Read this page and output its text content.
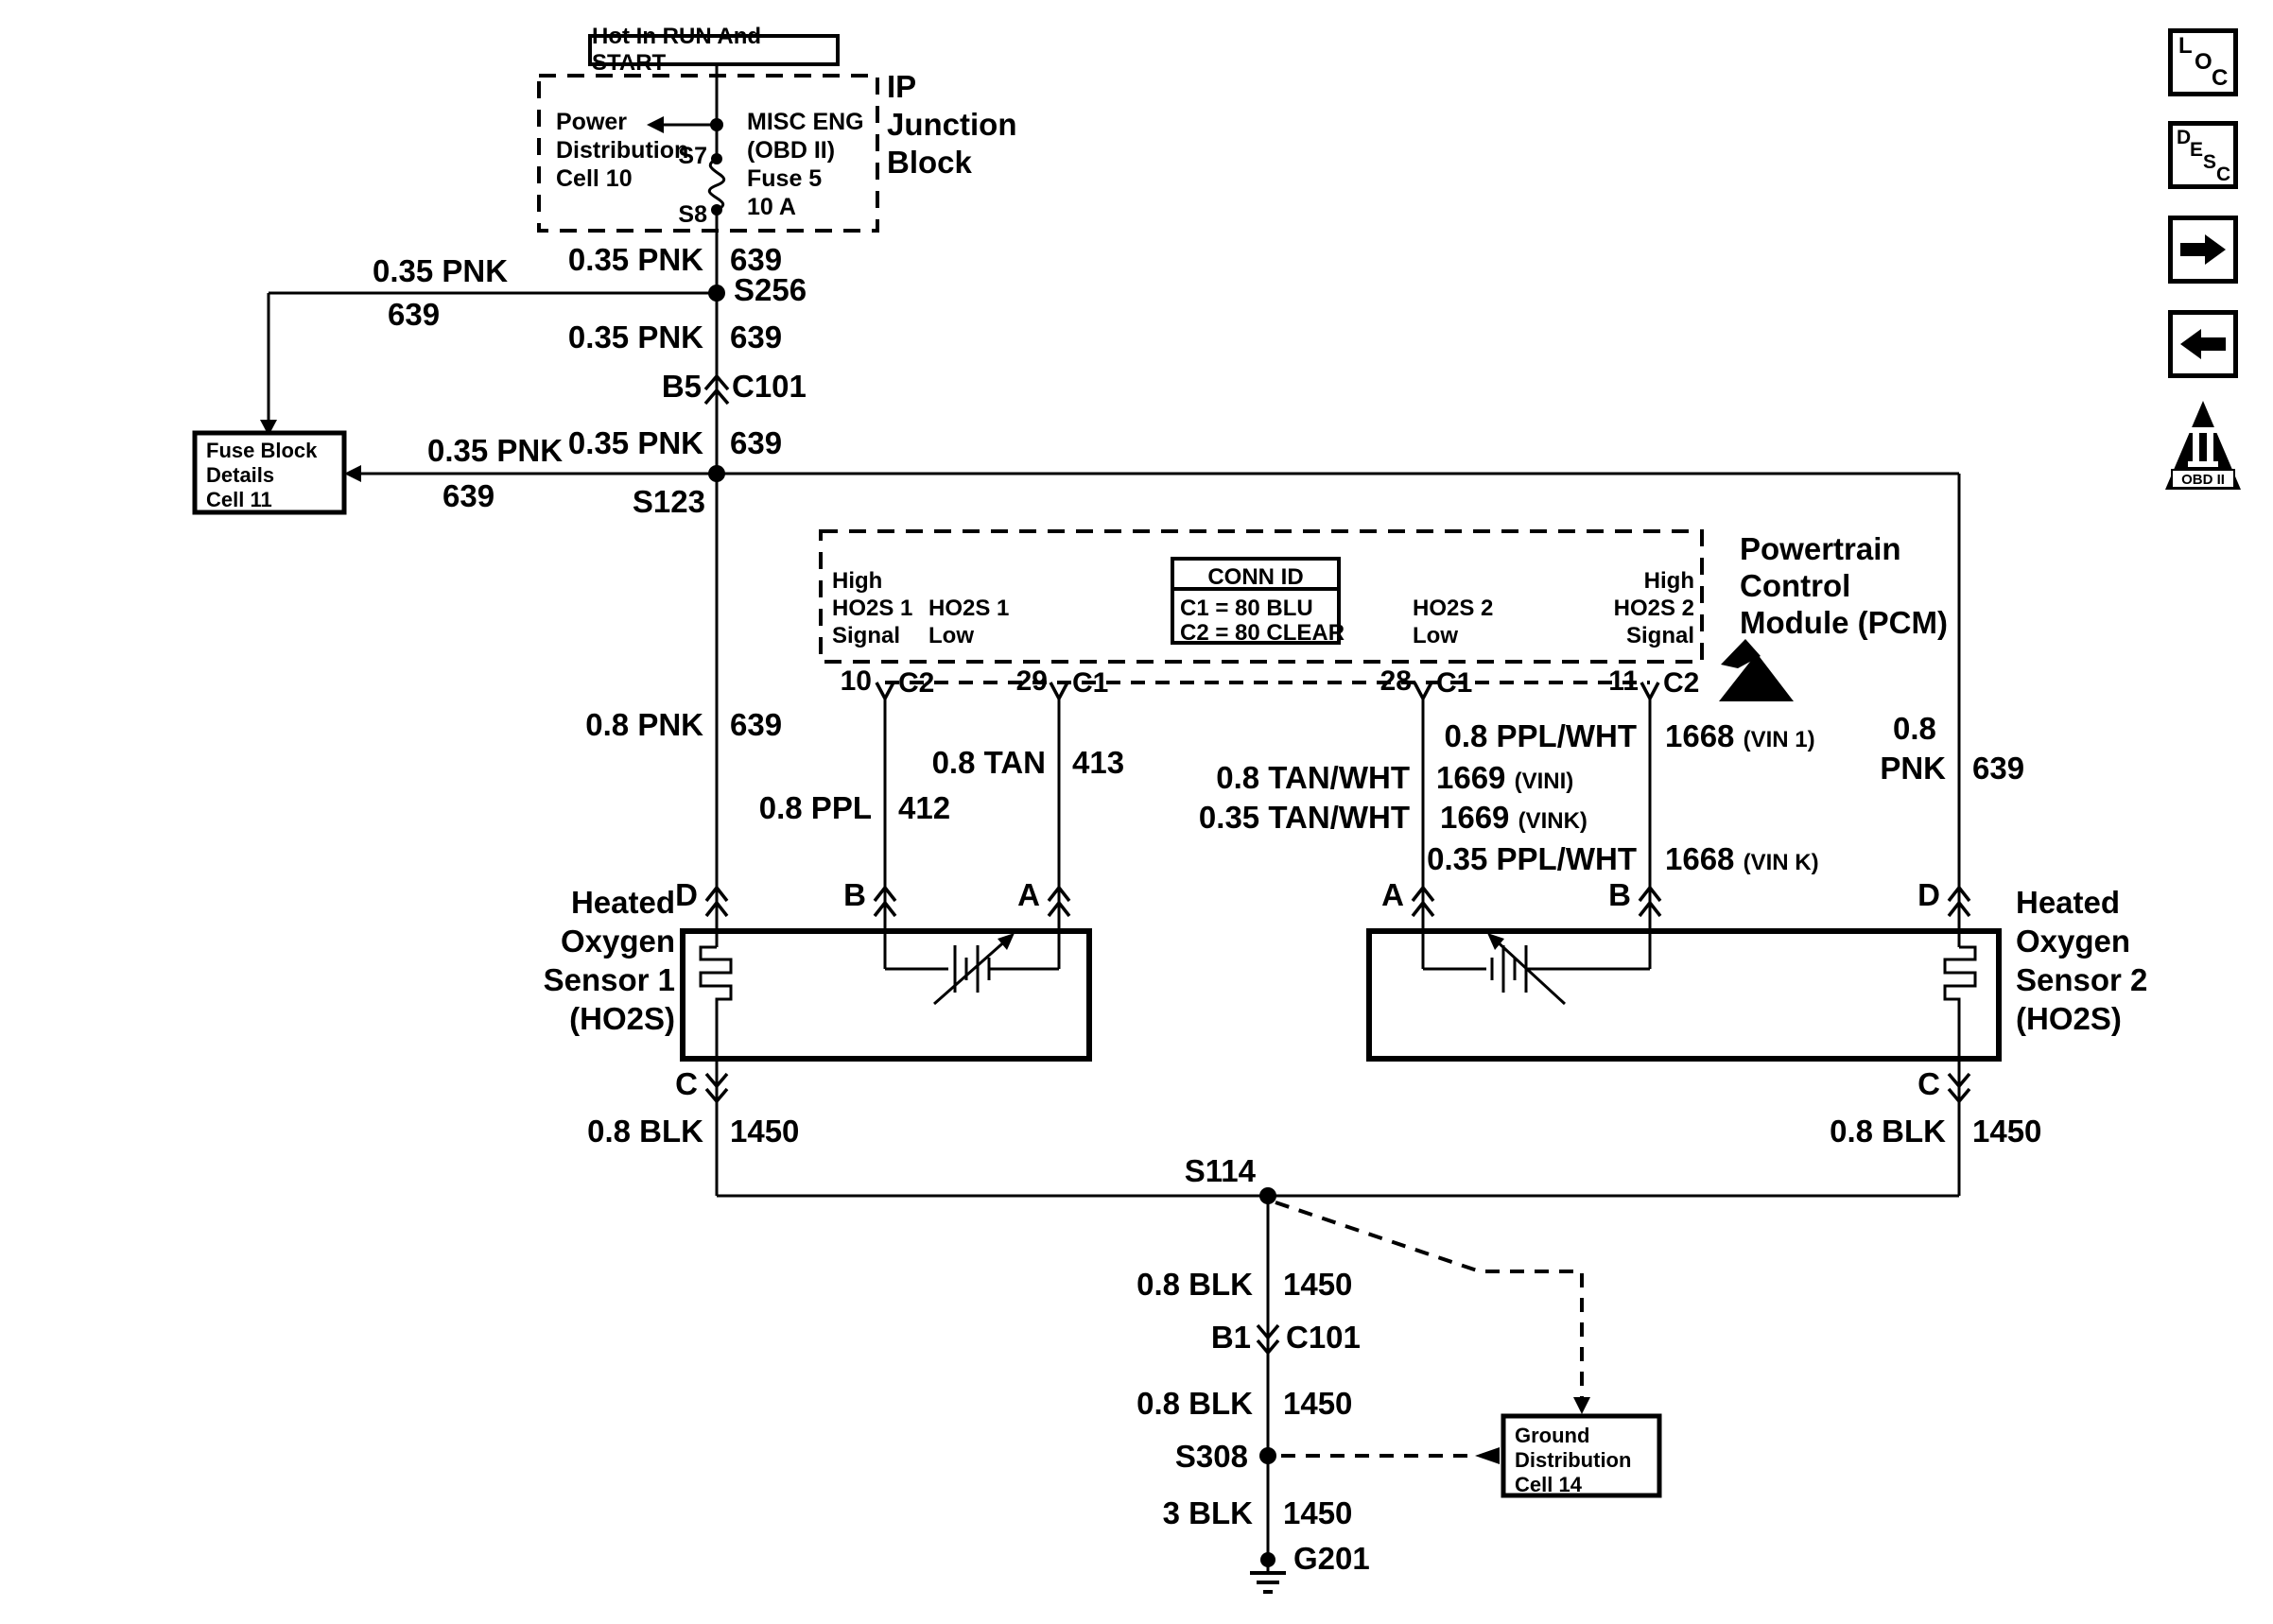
Hot In RUN And START
Power
Distribution
Cell 10
S7
S8
MISC ENG
(OBD II)
Fuse 5
10 A
IP
Junction
Block
0.35 PNK 639
S256
0.35 PNK
639
Fuse Block
Details
Cell 11
0.35 PNK 639
B5 C101
0.35 PNK 639
S123
0.35 PNK
639
High
HO2S 1
Signal
HO2S 1
Low
CONN ID
C1 = 80 BLU
C2 = 80 CLEAR
HO2S 2
Low
High
HO2S 2
Signal
Powertrain
Control
Module (PCM)
10 C2	29 C1	28 C1	11 C2
0.8 PNK 639
0.8 TAN 413
0.8 PPL 412
0.8 PPL/WHT 1668 (VIN 1)
0.8 TAN/WHT 1669 (VINI)
0.35 TAN/WHT 1669 (VINK)
0.35 PPL/WHT 1668 (VIN K)
0.8
PNK 639
D	B	A	A	B	D
Heated
Oxygen
Sensor 1
(HO2S)
Heated
Oxygen
Sensor 2
(HO2S)
C	C
0.8 BLK 1450	0.8 BLK 1450
S114
0.8 BLK 1450
B1 C101
0.8 BLK 1450
S308
3 BLK 1450
G201
Ground
Distribution
Cell 14
L
O
C
D
E
S
C
OBD II
